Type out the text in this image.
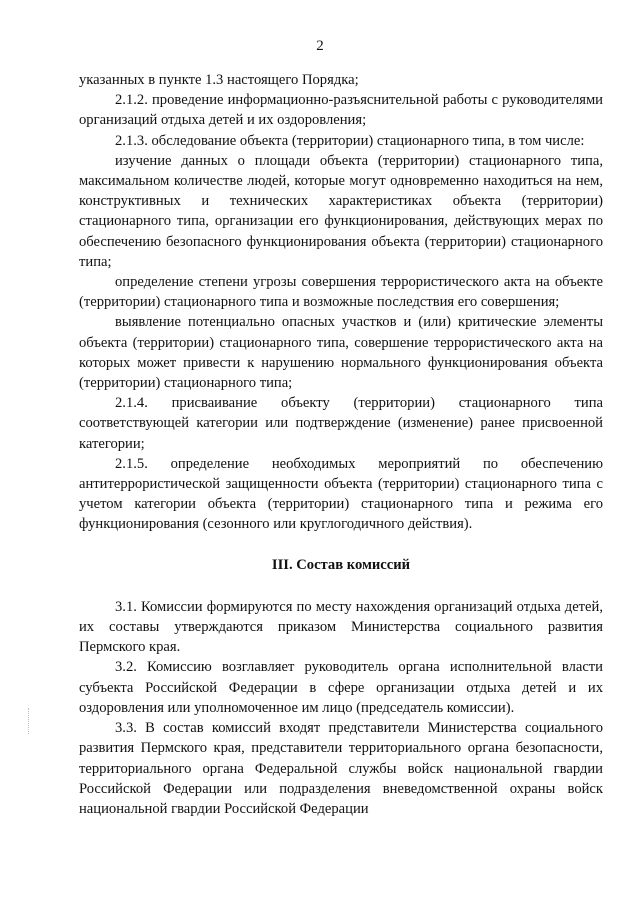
2

указанных в пункте 1.3 настоящего Порядка;

2.1.2. проведение информационно-разъяснительной работы с руководителями организаций отдыха детей и их оздоровления;

2.1.3. обследование объекта (территории) стационарного типа, в том числе:

изучение данных о площади объекта (территории) стационарного типа, максимальном количестве людей, которые могут одновременно находиться на нем, конструктивных и технических характеристиках объекта (территории) стационарного типа, организации его функционирования, действующих мерах по обеспечению безопасного функционирования объекта (территории) стационарного типа;

определение степени угрозы совершения террористического акта на объекте (территории) стационарного типа и возможные последствия его совершения;

выявление потенциально опасных участков и (или) критические элементы объекта (территории) стационарного типа, совершение террористического акта на которых может привести к нарушению нормального функционирования объекта (территории) стационарного типа;

2.1.4. присваивание объекту (территории) стационарного типа соответствующей категории или подтверждение (изменение) ранее присвоенной категории;

2.1.5. определение необходимых мероприятий по обеспечению антитеррористической защищенности объекта (территории) стационарного типа с учетом категории объекта (территории) стационарного типа и режима его функционирования (сезонного или круглогодичного действия).

III. Состав комиссий

3.1. Комиссии формируются по месту нахождения организаций отдыха детей, их составы утверждаются приказом Министерства социального развития Пермского края.

3.2. Комиссию возглавляет руководитель органа исполнительной власти субъекта Российской Федерации в сфере организации отдыха детей и их оздоровления или уполномоченное им лицо (председатель комиссии).

3.3. В состав комиссий входят представители Министерства социального развития Пермского края, представители территориального органа безопасности, территориального органа Федеральной службы войск национальной гвардии Российской Федерации или подразделения вневедомственной охраны войск национальной гвардии Российской Федерации
